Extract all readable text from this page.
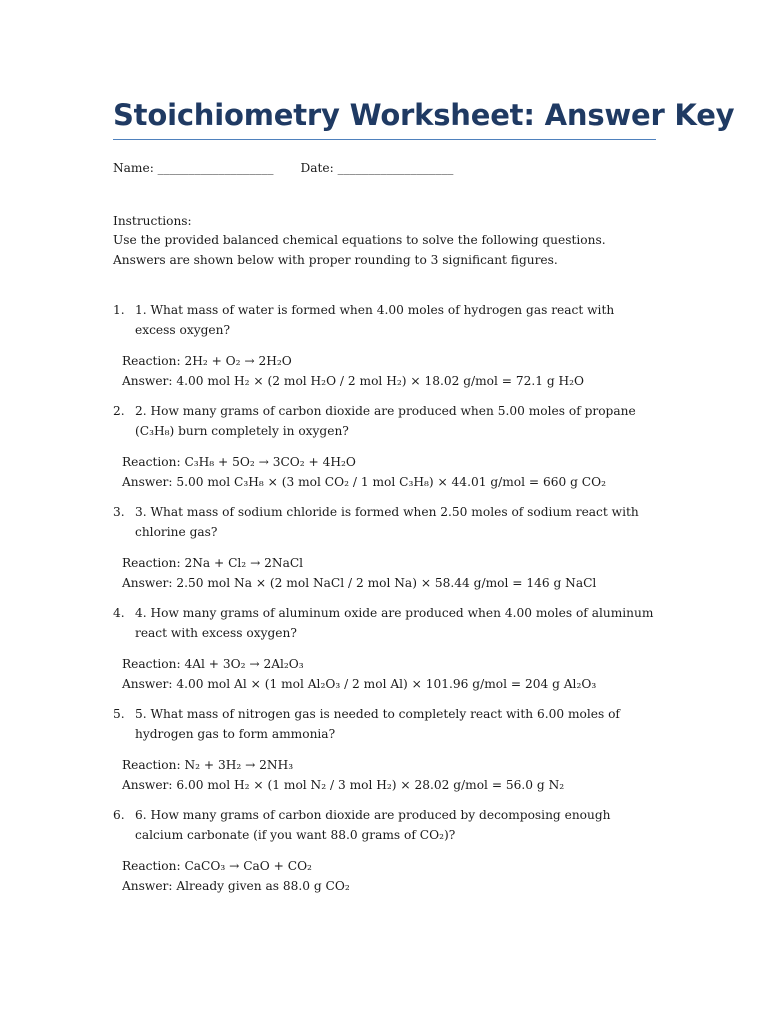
Stoichiometry Worksheet: Answer Key
Name: ___________________ Date: ___________________
Instructions:
Use the provided balanced chemical equations to solve the following questions. Answers are shown below with proper rounding to 3 significant figures.
1. 1. What mass of water is formed when 4.00 moles of hydrogen gas react with excess oxygen?
Reaction: 2H₂ + O₂ → 2H₂O
Answer: 4.00 mol H₂ × (2 mol H₂O / 2 mol H₂) × 18.02 g/mol = 72.1 g H₂O
2. 2. How many grams of carbon dioxide are produced when 5.00 moles of propane (C₃H₈) burn completely in oxygen?
Reaction: C₃H₈ + 5O₂ → 3CO₂ + 4H₂O
Answer: 5.00 mol C₃H₈ × (3 mol CO₂ / 1 mol C₃H₈) × 44.01 g/mol = 660 g CO₂
3. 3. What mass of sodium chloride is formed when 2.50 moles of sodium react with chlorine gas?
Reaction: 2Na + Cl₂ → 2NaCl
Answer: 2.50 mol Na × (2 mol NaCl / 2 mol Na) × 58.44 g/mol = 146 g NaCl
4. 4. How many grams of aluminum oxide are produced when 4.00 moles of aluminum react with excess oxygen?
Reaction: 4Al + 3O₂ → 2Al₂O₃
Answer: 4.00 mol Al × (1 mol Al₂O₃ / 2 mol Al) × 101.96 g/mol = 204 g Al₂O₃
5. 5. What mass of nitrogen gas is needed to completely react with 6.00 moles of hydrogen gas to form ammonia?
Reaction: N₂ + 3H₂ → 2NH₃
Answer: 6.00 mol H₂ × (1 mol N₂ / 3 mol H₂) × 28.02 g/mol = 56.0 g N₂
6. 6. How many grams of carbon dioxide are produced by decomposing enough calcium carbonate (if you want 88.0 grams of CO₂)?
Reaction: CaCO₃ → CaO + CO₂
Answer: Already given as 88.0 g CO₂
